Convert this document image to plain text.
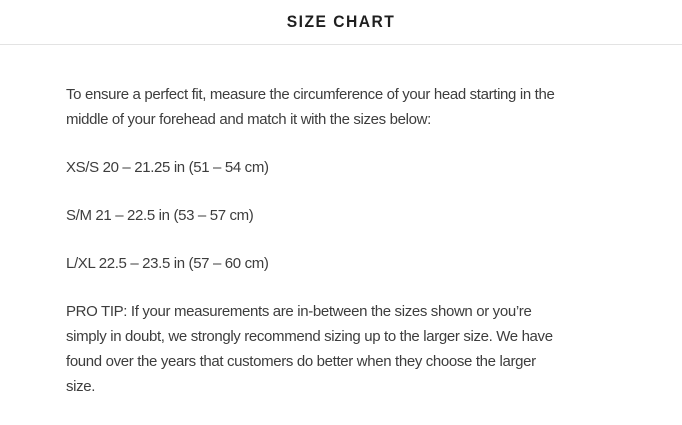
SIZE CHART

To ensure a perfect fit, measure the circumference of your head starting in the
middle of your forehead and match it with the sizes below:

XS/S 20 – 21.25 in (51 – 54 cm)

S/M 21 – 22.5 in (53 – 57 cm)

L/XL 22.5 – 23.5 in (57 – 60 cm)

PRO TIP: If your measurements are in-between the sizes shown or you’re
simply in doubt, we strongly recommend sizing up to the larger size. We have
found over the years that customers do better when they choose the larger
size.
